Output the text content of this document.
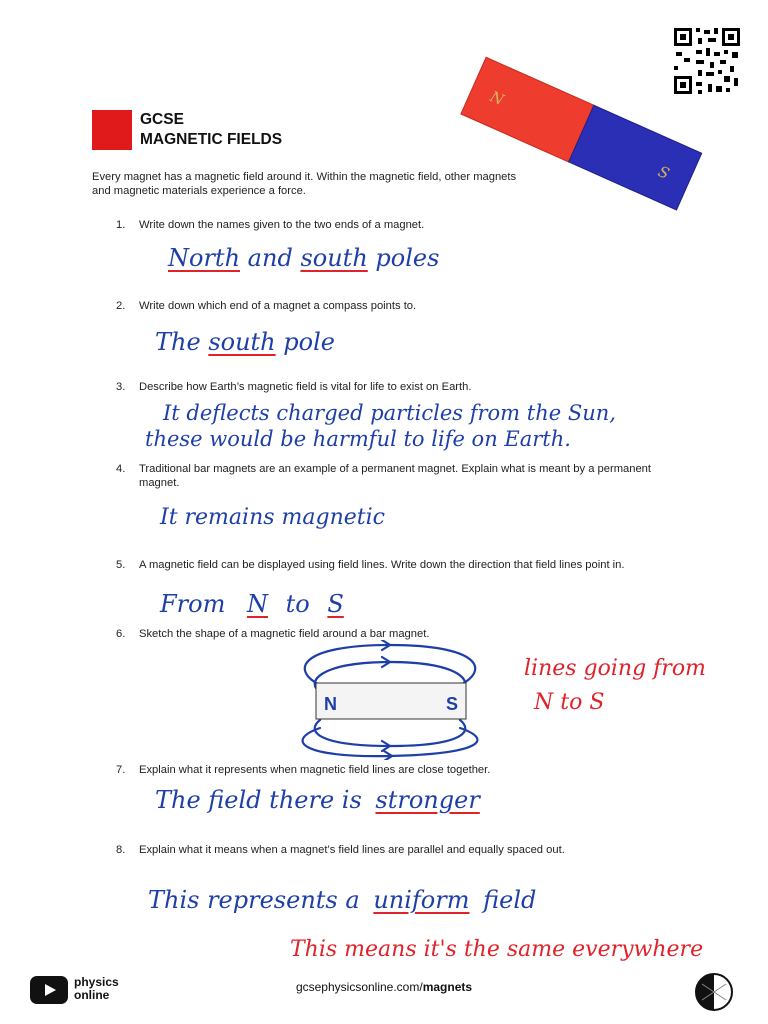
N
S
GCSE
MAGNETIC FIELDS
Every magnet has a magnetic field around it. Within the magnetic field, other magnets and magnetic materials experience a force.
1.	Write down the names given to the two ends of a magnet.
2.	Write down which end of a magnet a compass points to.
3.	Describe how Earth’s magnetic field is vital for life to exist on Earth.
4.	Traditional bar magnets are an example of a permanent magnet. Explain what is meant by a permanent magnet.
5.	A magnetic field can be displayed using field lines. Write down the direction that field lines point in.
6.	Sketch the shape of a magnetic field around a bar magnet.
7.	Explain what it represents when magnetic field lines are close together.
8.	Explain what it means when a magnet’s field lines are parallel and equally spaced out.
North and south poles
The south pole
It deflects charged particles from the Sun,
these would be harmful to life on Earth.
It remains magnetic
From N to S
N	S
lines going from
N to S
The field there is stronger
This represents a uniform field
This means it's the same everywhere
physics
online
gcsephysicsonline.com/magnets
